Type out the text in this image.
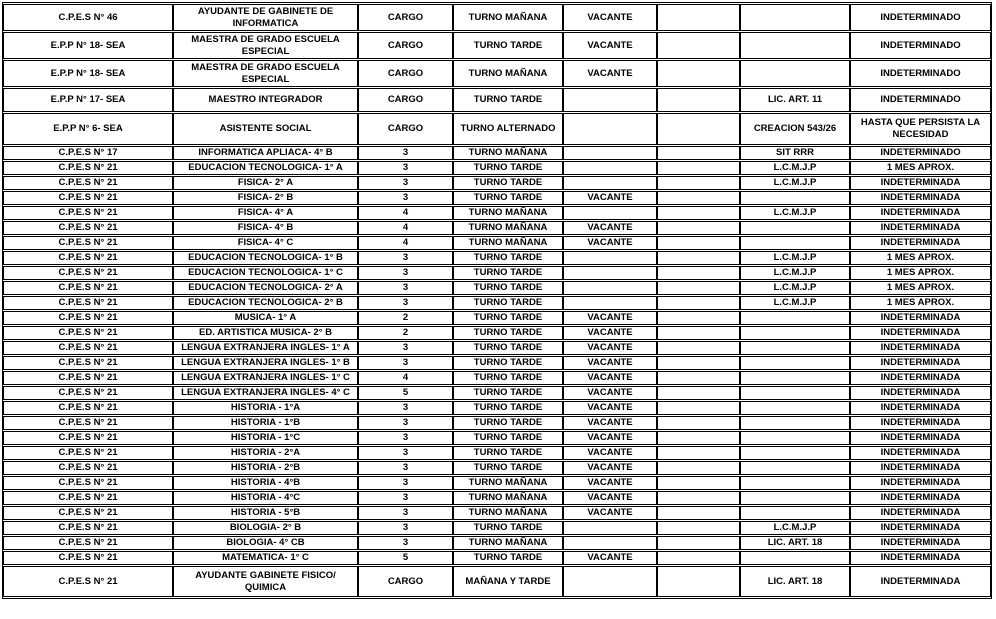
C.P.E.S N° 46	AYUDANTE DE GABINETE DE INFORMATICA	CARGO	TURNO MAÑANA	VACANTE			INDETERMINADO
E.P.P N° 18- SEA	MAESTRA DE GRADO ESCUELA ESPECIAL	CARGO	TURNO TARDE	VACANTE			INDETERMINADO
E.P.P N° 18- SEA	MAESTRA DE GRADO ESCUELA ESPECIAL	CARGO	TURNO MAÑANA	VACANTE			INDETERMINADO
E.P.P N° 17- SEA	MAESTRO INTEGRADOR	CARGO	TURNO TARDE			LIC. ART. 11	INDETERMINADO
E.P.P N° 6- SEA	ASISTENTE SOCIAL	CARGO	TURNO ALTERNADO			CREACION 543/26	HASTA QUE PERSISTA LA NECESIDAD
C.P.E.S N° 17	INFORMATICA APLIACA- 4° B	3	TURNO MAÑANA			SIT RRR	INDETERMINADO
C.P.E.S N° 21	EDUCACION TECNOLOGICA- 1° A	3	TURNO TARDE			L.C.M.J.P	1 MES APROX.
C.P.E.S N° 21	FISICA- 2° A	3	TURNO TARDE			L.C.M.J.P	INDETERMINADA
C.P.E.S N° 21	FISICA- 2° B	3	TURNO TARDE	VACANTE			INDETERMINADA
C.P.E.S N° 21	FISICA- 4° A	4	TURNO MAÑANA			L.C.M.J.P	INDETERMINADA
C.P.E.S N° 21	FISICA- 4° B	4	TURNO MAÑANA	VACANTE			INDETERMINADA
C.P.E.S N° 21	FISICA- 4° C	4	TURNO MAÑANA	VACANTE			INDETERMINADA
C.P.E.S N° 21	EDUCACION TECNOLOGICA- 1° B	3	TURNO TARDE			L.C.M.J.P	1 MES APROX.
C.P.E.S N° 21	EDUCACION TECNOLOGICA- 1° C	3	TURNO TARDE			L.C.M.J.P	1 MES APROX.
C.P.E.S N° 21	EDUCACION TECNOLOGICA- 2° A	3	TURNO TARDE			L.C.M.J.P	1 MES APROX.
C.P.E.S N° 21	EDUCACION TECNOLOGICA- 2° B	3	TURNO TARDE			L.C.M.J.P	1 MES APROX.
C.P.E.S N° 21	MUSICA- 1° A	2	TURNO TARDE	VACANTE			INDETERMINADA
C.P.E.S N° 21	ED. ARTISTICA MUSICA- 2° B	2	TURNO TARDE	VACANTE			INDETERMINADA
C.P.E.S N° 21	LENGUA EXTRANJERA INGLES- 1° A	3	TURNO TARDE	VACANTE			INDETERMINADA
C.P.E.S N° 21	LENGUA EXTRANJERA INGLES- 1° B	3	TURNO TARDE	VACANTE			INDETERMINADA
C.P.E.S N° 21	LENGUA EXTRANJERA INGLES- 1° C	4	TURNO TARDE	VACANTE			INDETERMINADA
C.P.E.S N° 21	LENGUA EXTRANJERA INGLES- 4° C	5	TURNO TARDE	VACANTE			INDETERMINADA
C.P.E.S N° 21	HISTORIA - 1°A	3	TURNO TARDE	VACANTE			INDETERMINADA
C.P.E.S N° 21	HISTORIA - 1°B	3	TURNO TARDE	VACANTE			INDETERMINADA
C.P.E.S N° 21	HISTORIA - 1°C	3	TURNO TARDE	VACANTE			INDETERMINADA
C.P.E.S N° 21	HISTORIA - 2°A	3	TURNO TARDE	VACANTE			INDETERMINADA
C.P.E.S N° 21	HISTORIA - 2°B	3	TURNO TARDE	VACANTE			INDETERMINADA
C.P.E.S N° 21	HISTORIA - 4°B	3	TURNO MAÑANA	VACANTE			INDETERMINADA
C.P.E.S N° 21	HISTORIA - 4°C	3	TURNO MAÑANA	VACANTE			INDETERMINADA
C.P.E.S N° 21	HISTORIA - 5°B	3	TURNO MAÑANA	VACANTE			INDETERMINADA
C.P.E.S N° 21	BIOLOGIA- 2° B	3	TURNO TARDE			L.C.M.J.P	INDETERMINADA
C.P.E.S N° 21	BIOLOGIA- 4° CB	3	TURNO MAÑANA			LIC. ART. 18	INDETERMINADA
C.P.E.S N° 21	MATEMATICA- 1° C	5	TURNO TARDE	VACANTE			INDETERMINADA
C.P.E.S N° 21	AYUDANTE GABINETE FISICO/ QUIMICA	CARGO	MAÑANA Y TARDE			LIC. ART. 18	INDETERMINADA
